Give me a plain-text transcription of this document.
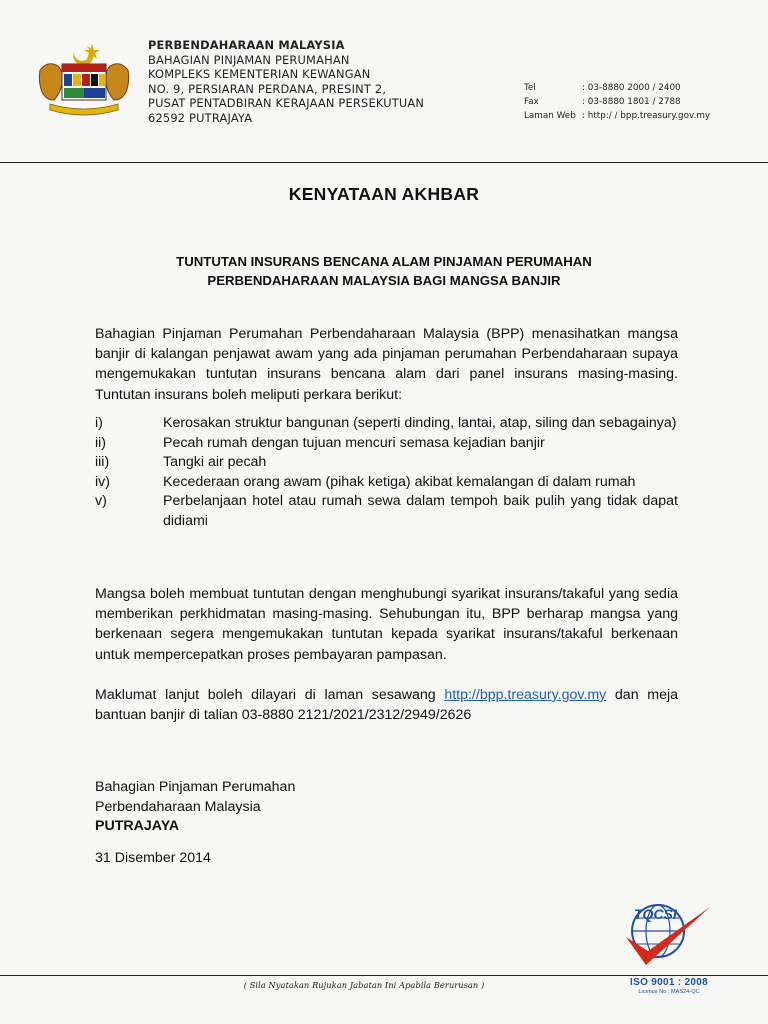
PERBENDAHARAAN MALAYSIA
BAHAGIAN PINJAMAN PERUMAHAN
KOMPLEKS KEMENTERIAN KEWANGAN
NO. 9, PERSIARAN PERDANA, PRESINT 2,
PUSAT PENTADBIRAN KERAJAAN PERSEKUTUAN
62592 PUTRAJAYA
Tel	: 03-8880 2000 / 2400
Fax	: 03-8880 1801 / 2788
Laman Web : http:/ / bpp.treasury.gov.my
KENYATAAN AKHBAR
TUNTUTAN INSURANS BENCANA ALAM PINJAMAN PERUMAHAN
PERBENDAHARAAN MALAYSIA BAGI MANGSA BANJIR
Bahagian Pinjaman Perumahan Perbendaharaan Malaysia (BPP) menasihatkan mangsa banjir di kalangan penjawat awam yang ada pinjaman perumahan Perbendaharaan supaya mengemukakan tuntutan insurans bencana alam dari panel insurans masing-masing. Tuntutan insurans boleh meliputi perkara berikut:
i)	Kerosakan struktur bangunan (seperti dinding, lantai, atap, siling dan sebagainya)
ii)	Pecah rumah dengan tujuan mencuri semasa kejadian banjir
iii)	Tangki air pecah
iv)	Kecederaan orang awam (pihak ketiga) akibat kemalangan di dalam rumah
v)	Perbelanjaan hotel atau rumah sewa dalam tempoh baik pulih yang tidak dapat didiami
Mangsa boleh membuat tuntutan dengan menghubungi syarikat insurans/takaful yang sedia memberikan perkhidmatan masing-masing. Sehubungan itu, BPP berharap mangsa yang berkenaan segera mengemukakan tuntutan kepada syarikat insurans/takaful berkenaan untuk mempercepatkan proses pembayaran pampasan.
Maklumat lanjut boleh dilayari di laman sesawang http://bpp.treasury.gov.my dan meja bantuan banjir di talian 03-8880 2121/2021/2312/2949/2626
Bahagian Pinjaman Perumahan
Perbendaharaan Malaysia
PUTRAJAYA
31 Disember 2014
TQCSI
( Sila Nyatakan Rujukan Jabatan Ini Apabila Berurusan )	ISO 9001 : 2008
Licence No : MAS24-QC
